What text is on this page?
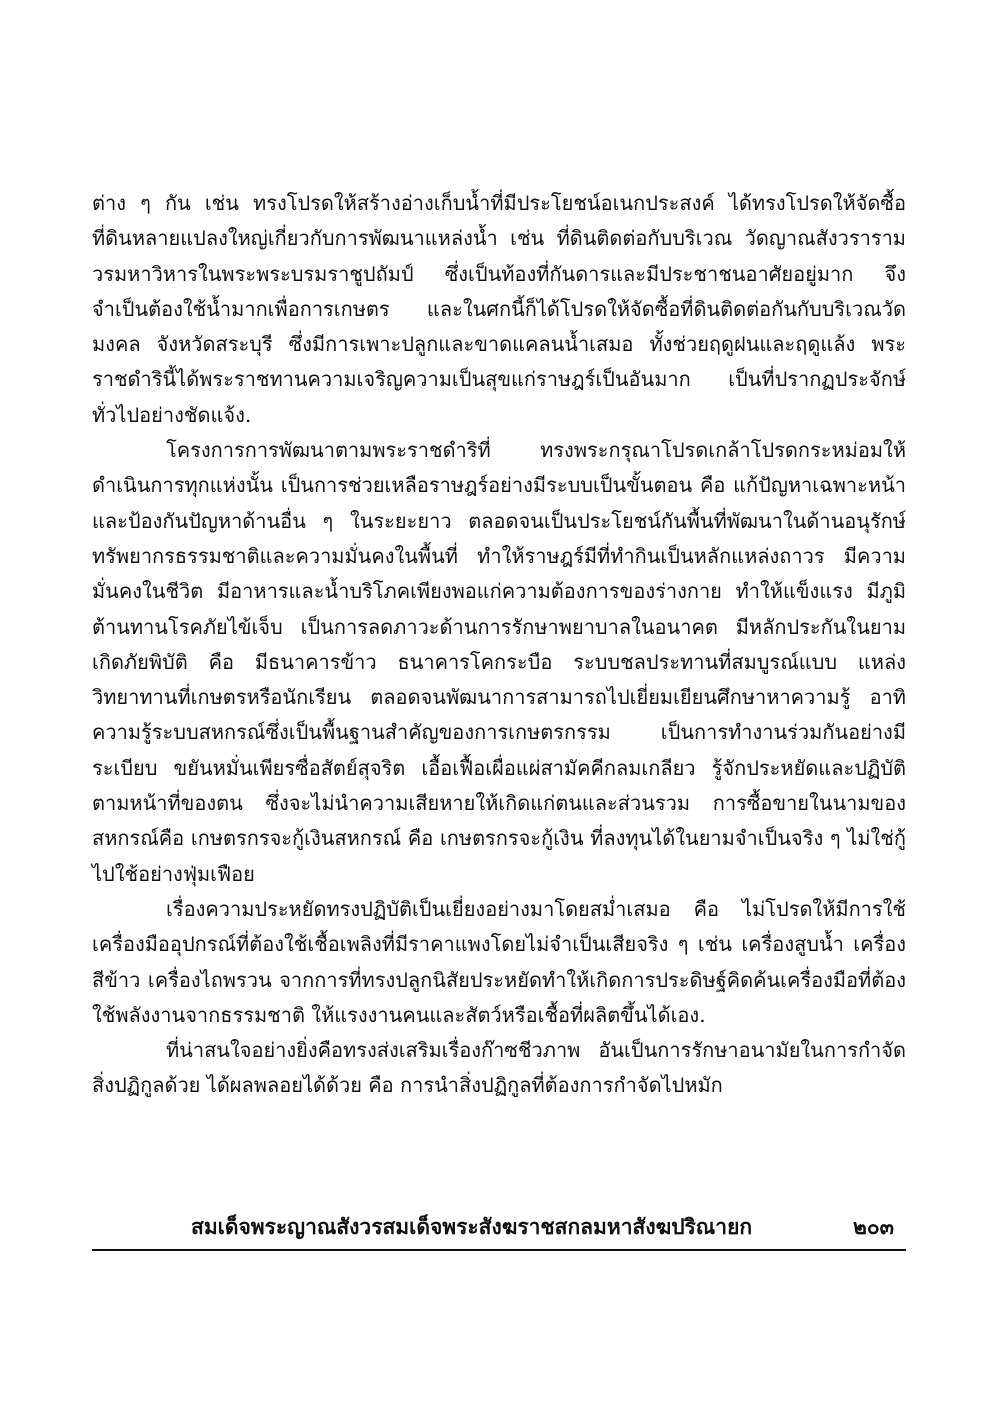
ต่าง ๆ กัน เช่น ทรงโปรดให้สร้างอ่างเก็บน้ำที่มีประโยชน์อเนกประสงค์ ได้ทรงโปรดให้จัดซื้อที่ดินหลายแปลงใหญ่เกี่ยวกับการพัฒนาแหล่งน้ำ เช่น ที่ดินติดต่อกับบริเวณ วัดญาณสังวรารามวรมหาวิหารในพระพระบรมราชูปถัมป์ ซึ่งเป็นท้องที่กันดารและมีประชาชนอาศัยอยู่มาก จึงจำเป็นต้องใช้น้ำมากเพื่อการเกษตร และในศกนี้ก็ได้โปรดให้จัดซื้อที่ดินติดต่อกันกับบริเวณวัดมงคล จังหวัดสระบุรี ซึ่งมีการเพาะปลูกและขาดแคลนน้ำเสมอ ทั้งช่วยฤดูฝนและฤดูแล้ง พระราชดำรินี้ได้พระราชทานความเจริญความเป็นสุขแก่ราษฎร์เป็นอันมาก เป็นที่ปรากฏประจักษ์ทั่วไปอย่างชัดแจ้ง.

โครงการการพัฒนาตามพระราชดำริที่ ทรงพระกรุณาโปรดเกล้าโปรดกระหม่อมให้ดำเนินการทุกแห่งนั้น เป็นการช่วยเหลือราษฎร์อย่างมีระบบเป็นขั้นตอน คือ แก้ปัญหาเฉพาะหน้า และป้องกันปัญหาด้านอื่น ๆ ในระยะยาว ตลอดจนเป็นประโยชน์กันพื้นที่พัฒนาในด้านอนุรักษ์ทรัพยากรธรรมชาติและความมั่นคงในพื้นที่ ทำให้ราษฎร์มีที่ทำกินเป็นหลักแหล่งถาวร มีความมั่นคงในชีวิต มีอาหารและน้ำบริโภคเพียงพอแก่ความต้องการของร่างกาย ทำให้แข็งแรง มีภูมิต้านทานโรคภัยไข้เจ็บ เป็นการลดภาวะด้านการรักษาพยาบาลในอนาคต มีหลักประกันในยามเกิดภัยพิบัติ คือ มีธนาคารข้าว ธนาคารโคกระบือ ระบบชลประทานที่สมบูรณ์แบบ แหล่งวิทยาทานที่เกษตรหรือนักเรียน ตลอดจนพัฒนาการสามารถไปเยี่ยมเยียนศึกษาหาความรู้ อาทิ ความรู้ระบบสหกรณ์ซึ่งเป็นพื้นฐานสำคัญของการเกษตรกรรม เป็นการทำงานร่วมกันอย่างมีระเบียบ ขยันหมั่นเพียรซื่อสัตย์สุจริต เอื้อเฟื้อเผื่อแผ่สามัคคีกลมเกลียว รู้จักประหยัดและปฏิบัติตามหน้าที่ของตน ซึ่งจะไม่นำความเสียหายให้เกิดแก่ตนและส่วนรวม การซื้อขายในนามของสหกรณ์คือ เกษตรกรจะกู้เงินสหกรณ์ คือ เกษตรกรจะกู้เงิน ที่ลงทุนได้ในยามจำเป็นจริง ๆ ไม่ใช่กู้ไปใช้อย่างฟุ่มเฟือย

เรื่องความประหยัดทรงปฏิบัติเป็นเยี่ยงอย่างมาโดยสม่ำเสมอ คือ ไม่โปรดให้มีการใช้เครื่องมืออุปกรณ์ที่ต้องใช้เชื้อเพลิงที่มีราคาแพงโดยไม่จำเป็นเสียจริง ๆ เช่น เครื่องสูบน้ำ เครื่องสีข้าว เครื่องไถพรวน จากการที่ทรงปลูกนิสัยประหยัดทำให้เกิดการประดิษฐ์คิดค้นเครื่องมือที่ต้องใช้พลังงานจากธรรมชาติ ให้แรงงานคนและสัตว์หรือเชื้อที่ผลิตขึ้นได้เอง.

ที่น่าสนใจอย่างยิ่งคือทรงส่งเสริมเรื่องก๊าซชีวภาพ อันเป็นการรักษาอนามัยในการกำจัดสิ่งปฏิกูลด้วย ได้ผลพลอยได้ด้วย คือ การนำสิ่งปฏิกูลที่ต้องการกำจัดไปหมัก

สมเด็จพระญาณสังวรสมเด็จพระสังฆราชสกลมหาสังฆปริณายก	๒๐๓
